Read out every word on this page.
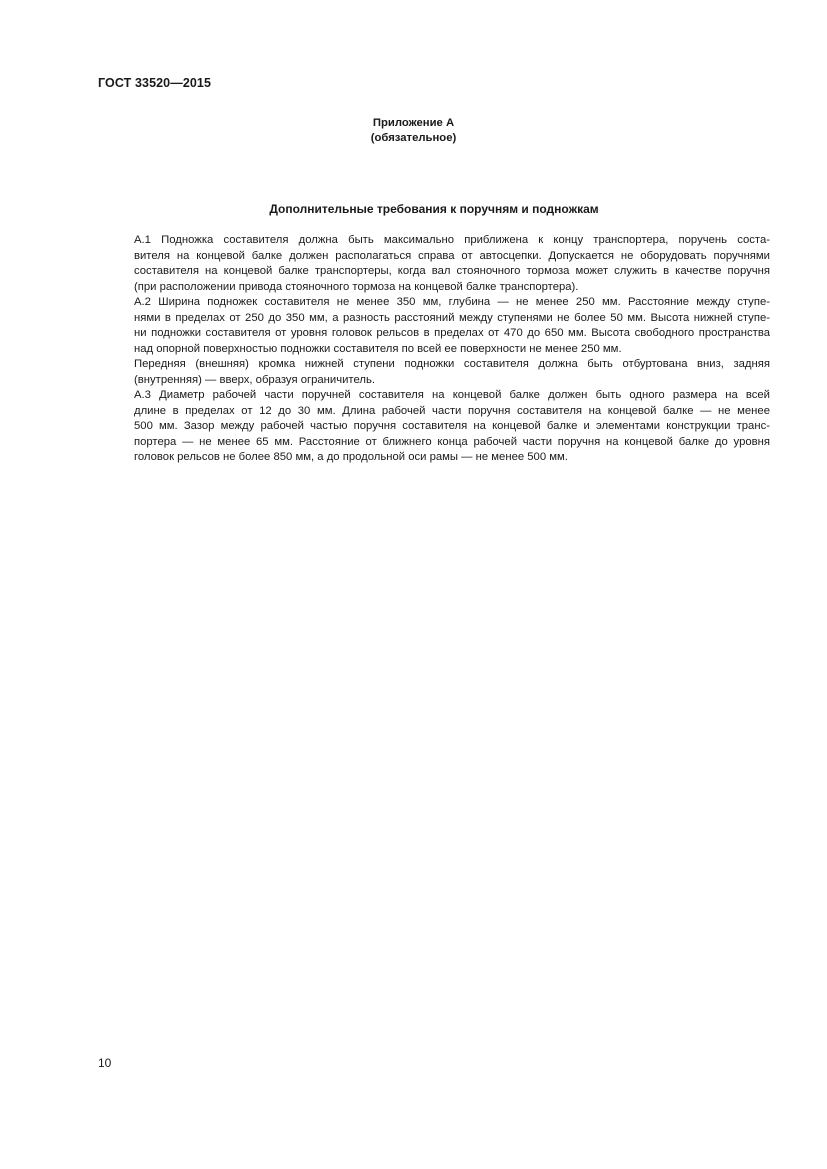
ГОСТ 33520—2015
Приложение А
(обязательное)
Дополнительные требования к поручням и подножкам
А.1 Подножка составителя должна быть максимально приближена к концу транспортера, поручень соста-
вителя на концевой балке должен располагаться справа от автосцепки. Допускается не оборудовать поручнями
составителя на концевой балке транспортеры, когда вал стояночного тормоза может служить в качестве поручня
(при расположении привода стояночного тормоза на концевой балке транспортера).
А.2 Ширина подножек составителя не менее 350 мм, глубина — не менее 250 мм. Расстояние между ступе-
нями в пределах от 250 до 350 мм, а разность расстояний между ступенями не более 50 мм. Высота нижней ступе-
ни подножки составителя от уровня головок рельсов в пределах от 470 до 650 мм. Высота свободного пространства
над опорной поверхностью подножки составителя по всей ее поверхности не менее 250 мм.
Передняя (внешняя) кромка нижней ступени подножки составителя должна быть отбуртована вниз, задняя
(внутренняя) — вверх, образуя ограничитель.
А.3 Диаметр рабочей части поручней составителя на концевой балке должен быть одного размера на всей
длине в пределах от 12 до 30 мм. Длина рабочей части поручня составителя на концевой балке — не менее
500 мм. Зазор между рабочей частью поручня составителя на концевой балке и элементами конструкции транс-
портера — не менее 65 мм. Расстояние от ближнего конца рабочей части поручня на концевой балке до уровня
головок рельсов не более 850 мм, а до продольной оси рамы — не менее 500 мм.
10
